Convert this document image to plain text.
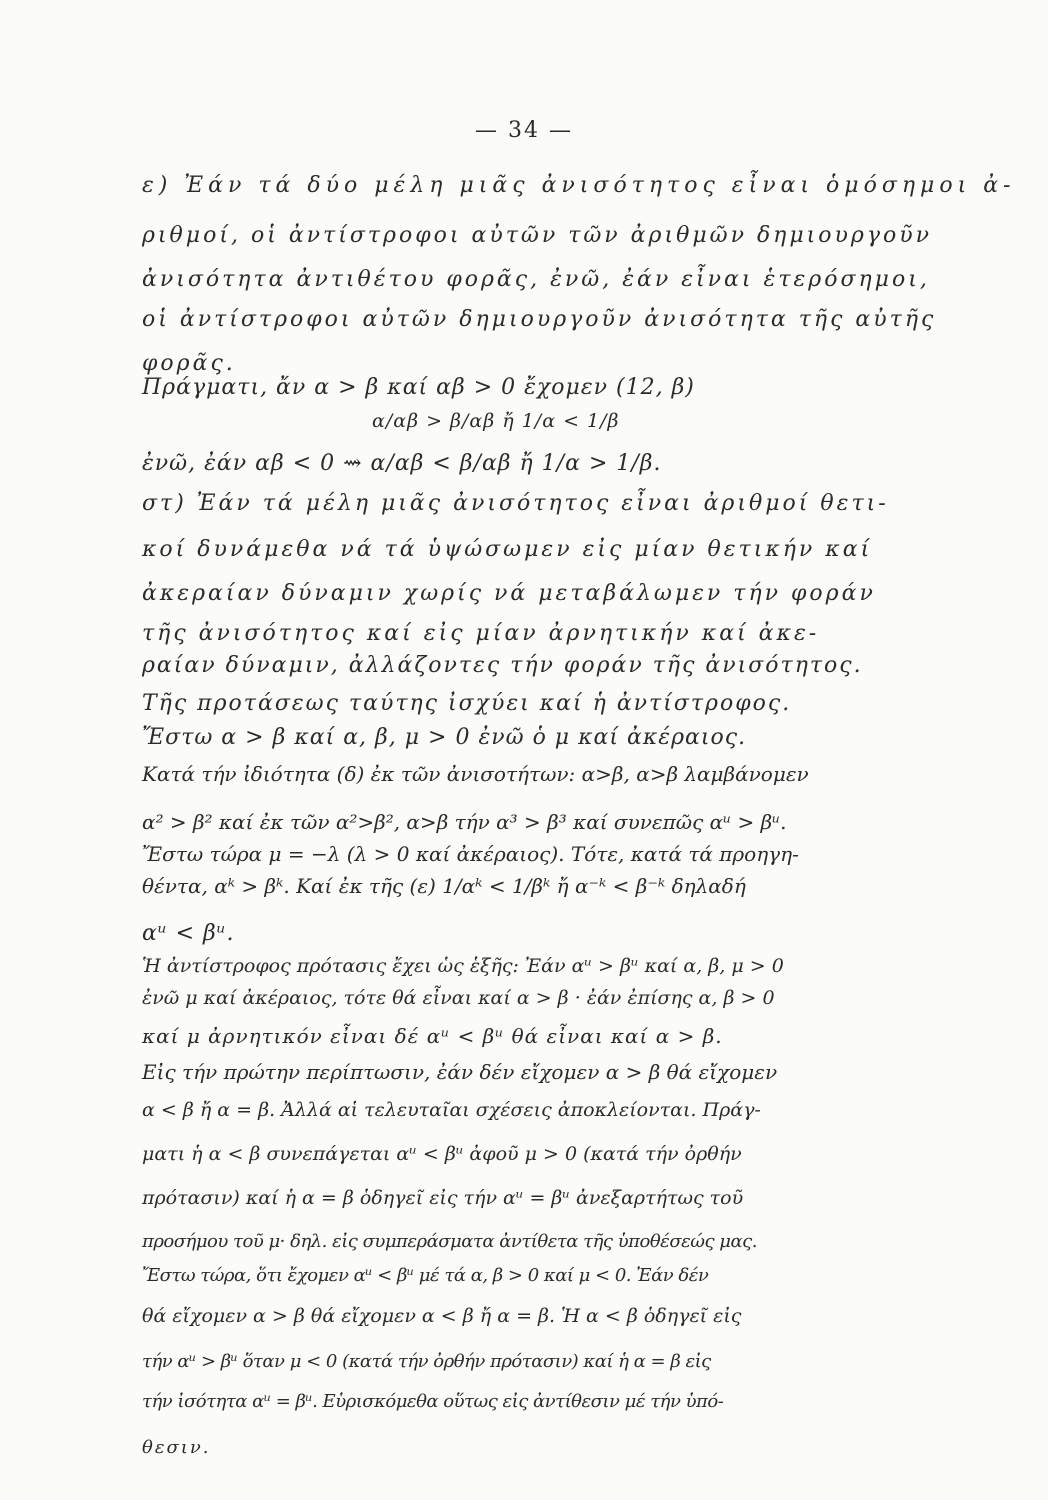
— 34 —
ε) Ἐάν τά δύο μέλη μιᾶς ἀνισότητος εἶναι ὁμόσημοι ἀ-
ριθμοί, οἱ ἀντίστροφοι αὐτῶν τῶν ἀριθμῶν δημιουργοῦν
ἀνισότητα ἀντιθέτου φορᾶς, ἐνῶ, ἐάν εἶναι ἑτερόσημοι,
οἱ ἀντίστροφοι αὐτῶν δημιουργοῦν ἀνισότητα τῆς αὐτῆς
φορᾶς.
Πράγματι, ἄν α > β καί αβ > 0 ἔχομεν (12, β)
α/αβ > β/αβ ἤ 1/α < 1/β
ἐνῶ, ἐάν αβ < 0 ⇝ α/αβ < β/αβ ἤ 1/α > 1/β.
στ) Ἐάν τά μέλη μιᾶς ἀνισότητος εἶναι ἀριθμοί θετι-
κοί δυνάμεθα νά τά ὑψώσωμεν εἰς μίαν θετικήν καί
ἀκεραίαν δύναμιν χωρίς νά μεταβάλωμεν τήν φοράν
τῆς ἀνισότητος καί εἰς μίαν ἀρνητικήν καί ἀκε-
ραίαν δύναμιν, ἀλλάζοντες τήν φοράν τῆς ἀνισότητος.
Τῆς προτάσεως ταύτης ἰσχύει καί ἡ ἀντίστροφος.
Ἔστω α > β καί α, β, μ > 0 ἐνῶ ὁ μ καί ἀκέραιος.
Κατά τήν ἰδιότητα (δ) ἐκ τῶν ἀνισοτήτων: α>β, α>β λαμβάνομεν
α² > β² καί ἐκ τῶν α²>β², α>β τήν α³ > β³ καί συνεπῶς αᵘ > βᵘ.
Ἔστω τώρα μ = −λ (λ > 0 καί ἀκέραιος). Τότε, κατά τά προηγη-
θέντα, αᵏ > βᵏ. Καί ἐκ τῆς (ε) 1/αᵏ < 1/βᵏ ἤ α⁻ᵏ < β⁻ᵏ δηλαδή
αᵘ < βᵘ.
Ἡ ἀντίστροφος πρότασις ἔχει ὡς ἑξῆς: Ἐάν αᵘ > βᵘ καί α, β, μ > 0
ἐνῶ μ καί ἀκέραιος, τότε θά εἶναι καί α > β · ἐάν ἐπίσης α, β > 0
καί μ ἀρνητικόν εἶναι δέ αᵘ < βᵘ θά εἶναι καί α > β.
Εἰς τήν πρώτην περίπτωσιν, ἐάν δέν εἴχομεν α > β θά εἴχομεν
α < β ἤ α = β. Ἀλλά αἱ τελευταῖαι σχέσεις ἀποκλείονται. Πράγ-
ματι ἡ α < β συνεπάγεται αᵘ < βᵘ ἀφοῦ μ > 0 (κατά τήν ὀρθήν
πρότασιν) καί ἡ α = β ὁδηγεῖ εἰς τήν αᵘ = βᵘ ἀνεξαρτήτως τοῦ
προσήμου τοῦ μ· δηλ. εἰς συμπεράσματα ἀντίθετα τῆς ὑποθέσεώς μας.
Ἔστω τώρα, ὅτι ἔχομεν αᵘ < βᵘ μέ τά α, β > 0 καί μ < 0. Ἐάν δέν
θά εἴχομεν α > β θά εἴχομεν α < β ἤ α = β. Ἡ α < β ὁδηγεῖ εἰς
τήν αᵘ > βᵘ ὅταν μ < 0 (κατά τήν ὀρθήν πρότασιν) καί ἡ α = β εἰς
τήν ἰσότητα αᵘ = βᵘ. Εὑρισκόμεθα οὕτως εἰς ἀντίθεσιν μέ τήν ὑπό-
θεσιν.
